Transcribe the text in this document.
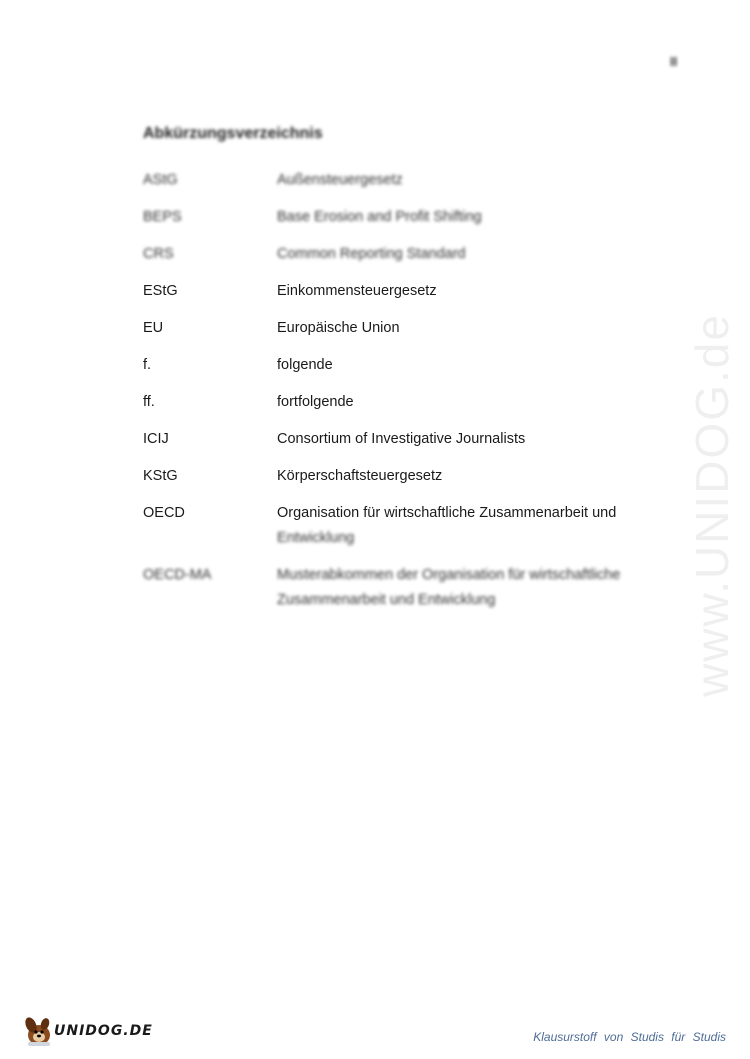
II
Abkürzungsverzeichnis
AStG	Außensteuergesetz
BEPS	Base Erosion and Profit Shifting
CRS	Common Reporting Standard
EStG	Einkommensteuergesetz
EU	Europäische Union
f.	folgende
ff.	fortfolgende
ICIJ	Consortium of Investigative Journalists
KStG	Körperschaftsteuergesetz
OECD	Organisation für wirtschaftliche Zusammenarbeit und
Entwicklung
OECD-MA	Musterabkommen der Organisation für wirtschaftliche
Zusammenarbeit und Entwicklung	www.UNIDOG.de
UNIDOG.DE	Klausurstoff von Studis für Studis
